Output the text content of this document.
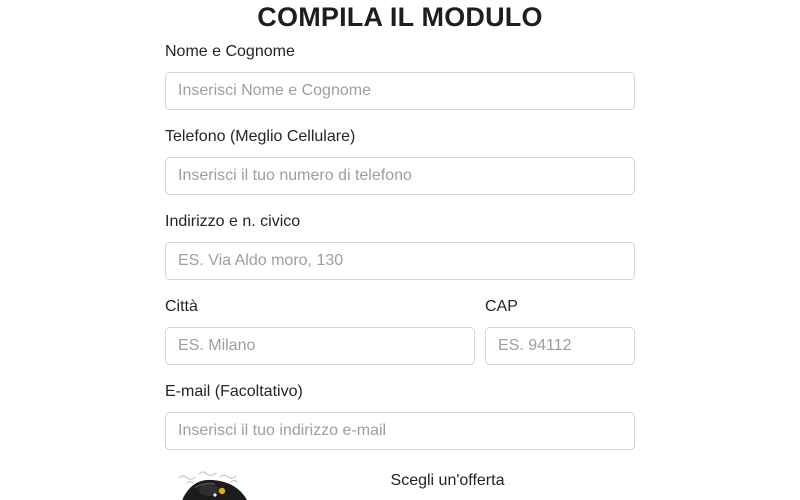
COMPILA IL MODULO
Nome e Cognome
Inserisci Nome e Cognome
Telefono (Meglio Cellulare)
Inserisci il tuo numero di telefono
Indirizzo e n. civico
ES. Via Aldo moro, 130
Città
ES. Milano	CAP
ES. 94112
E-mail (Facoltativo)
Inserisci il tuo indirizzo e-mail
Scegli un'offerta
